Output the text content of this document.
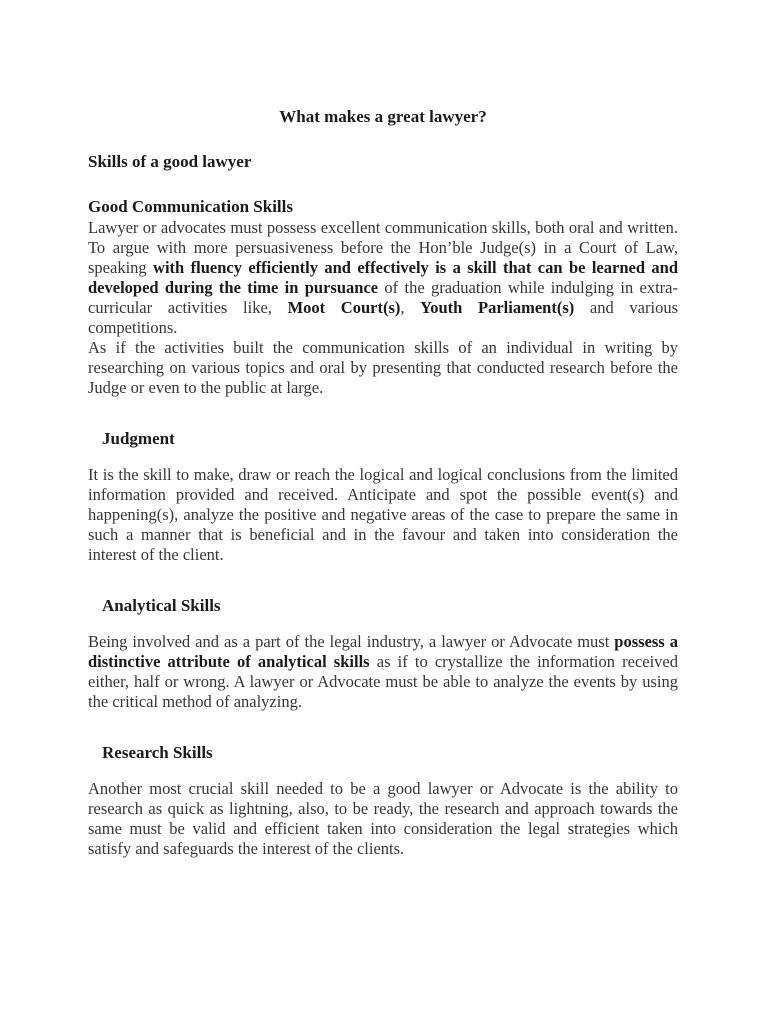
What makes a great lawyer?
Skills of a good lawyer
Good Communication Skills

Lawyer or advocates must possess excellent communication skills, both oral and written. To argue with more persuasiveness before the Hon’ble Judge(s) in a Court of Law, speaking with fluency efficiently and effectively is a skill that can be learned and developed during the time in pursuance of the graduation while indulging in extra-curricular activities like, Moot Court(s), Youth Parliament(s) and various competitions.

As if the activities built the communication skills of an individual in writing by researching on various topics and oral by presenting that conducted research before the Judge or even to the public at large.

Judgment

It is the skill to make, draw or reach the logical and logical conclusions from the limited information provided and received. Anticipate and spot the possible event(s) and happening(s), analyze the positive and negative areas of the case to prepare the same in such a manner that is beneficial and in the favour and taken into consideration the interest of the client.

Analytical Skills

Being involved and as a part of the legal industry, a lawyer or Advocate must possess a distinctive attribute of analytical skills as if to crystallize the information received either, half or wrong. A lawyer or Advocate must be able to analyze the events by using the critical method of analyzing.

Research Skills

Another most crucial skill needed to be a good lawyer or Advocate is the ability to research as quick as lightning, also, to be ready, the research and approach towards the same must be valid and efficient taken into consideration the legal strategies which satisfy and safeguards the interest of the clients.
